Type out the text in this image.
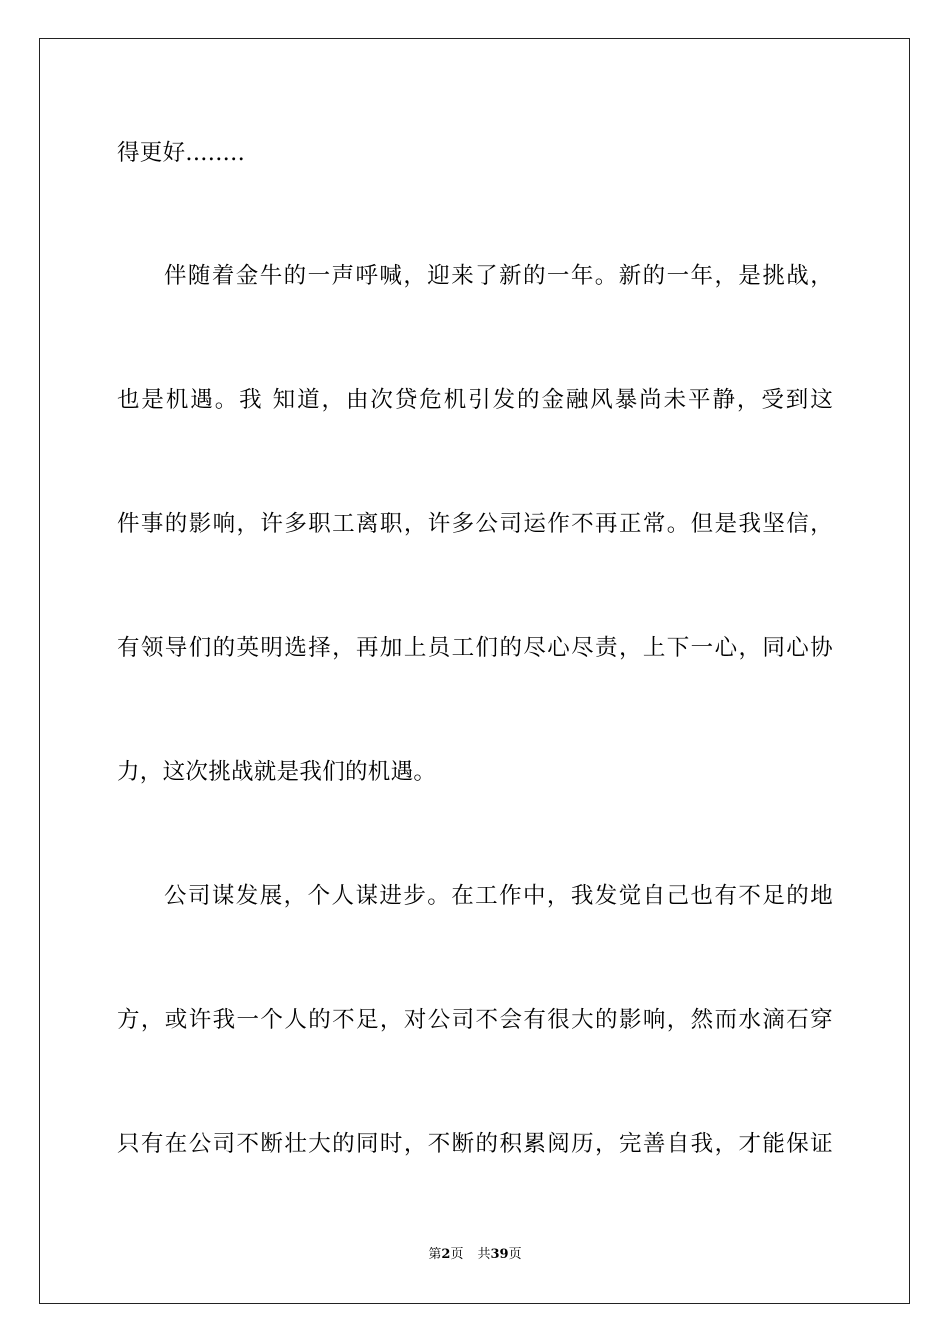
得更好........
伴随着金牛的一声呼喊，迎来了新的一年。新的一年，是挑战，
也是机遇。我 知道，由次贷危机引发的金融风暴尚未平静，受到这
件事的影响，许多职工离职，许多公司运作不再正常。但是我坚信，
有领导们的英明选择，再加上员工们的尽心尽责，上下一心，同心协
力，这次挑战就是我们的机遇。
公司谋发展，个人谋进步。在工作中，我发觉自己也有不足的地
方，或许我一个人的不足，对公司不会有很大的影响，然而水滴石穿
只有在公司不断壮大的同时，不断的积累阅历，完善自我，才能保证
第2页 共39页
